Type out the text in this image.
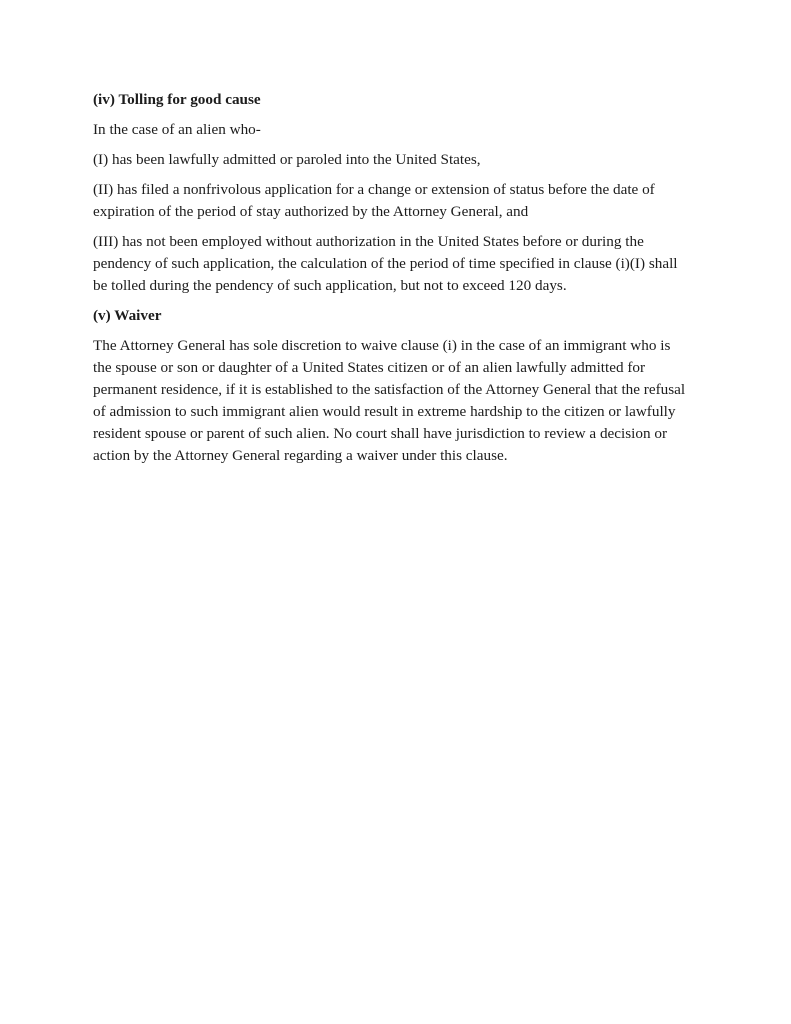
(iv) Tolling for good cause

In the case of an alien who-

(I) has been lawfully admitted or paroled into the United States,

(II) has filed a nonfrivolous application for a change or extension of status before the date of
expiration of the period of stay authorized by the Attorney General, and

(III) has not been employed without authorization in the United States before or during the
pendency of such application, the calculation of the period of time specified in clause (i)(I) shall
be tolled during the pendency of such application, but not to exceed 120 days.

(v) Waiver

The Attorney General has sole discretion to waive clause (i) in the case of an immigrant who is
the spouse or son or daughter of a United States citizen or of an alien lawfully admitted for
permanent residence, if it is established to the satisfaction of the Attorney General that the refusal
of admission to such immigrant alien would result in extreme hardship to the citizen or lawfully
resident spouse or parent of such alien. No court shall have jurisdiction to review a decision or
action by the Attorney General regarding a waiver under this clause.
